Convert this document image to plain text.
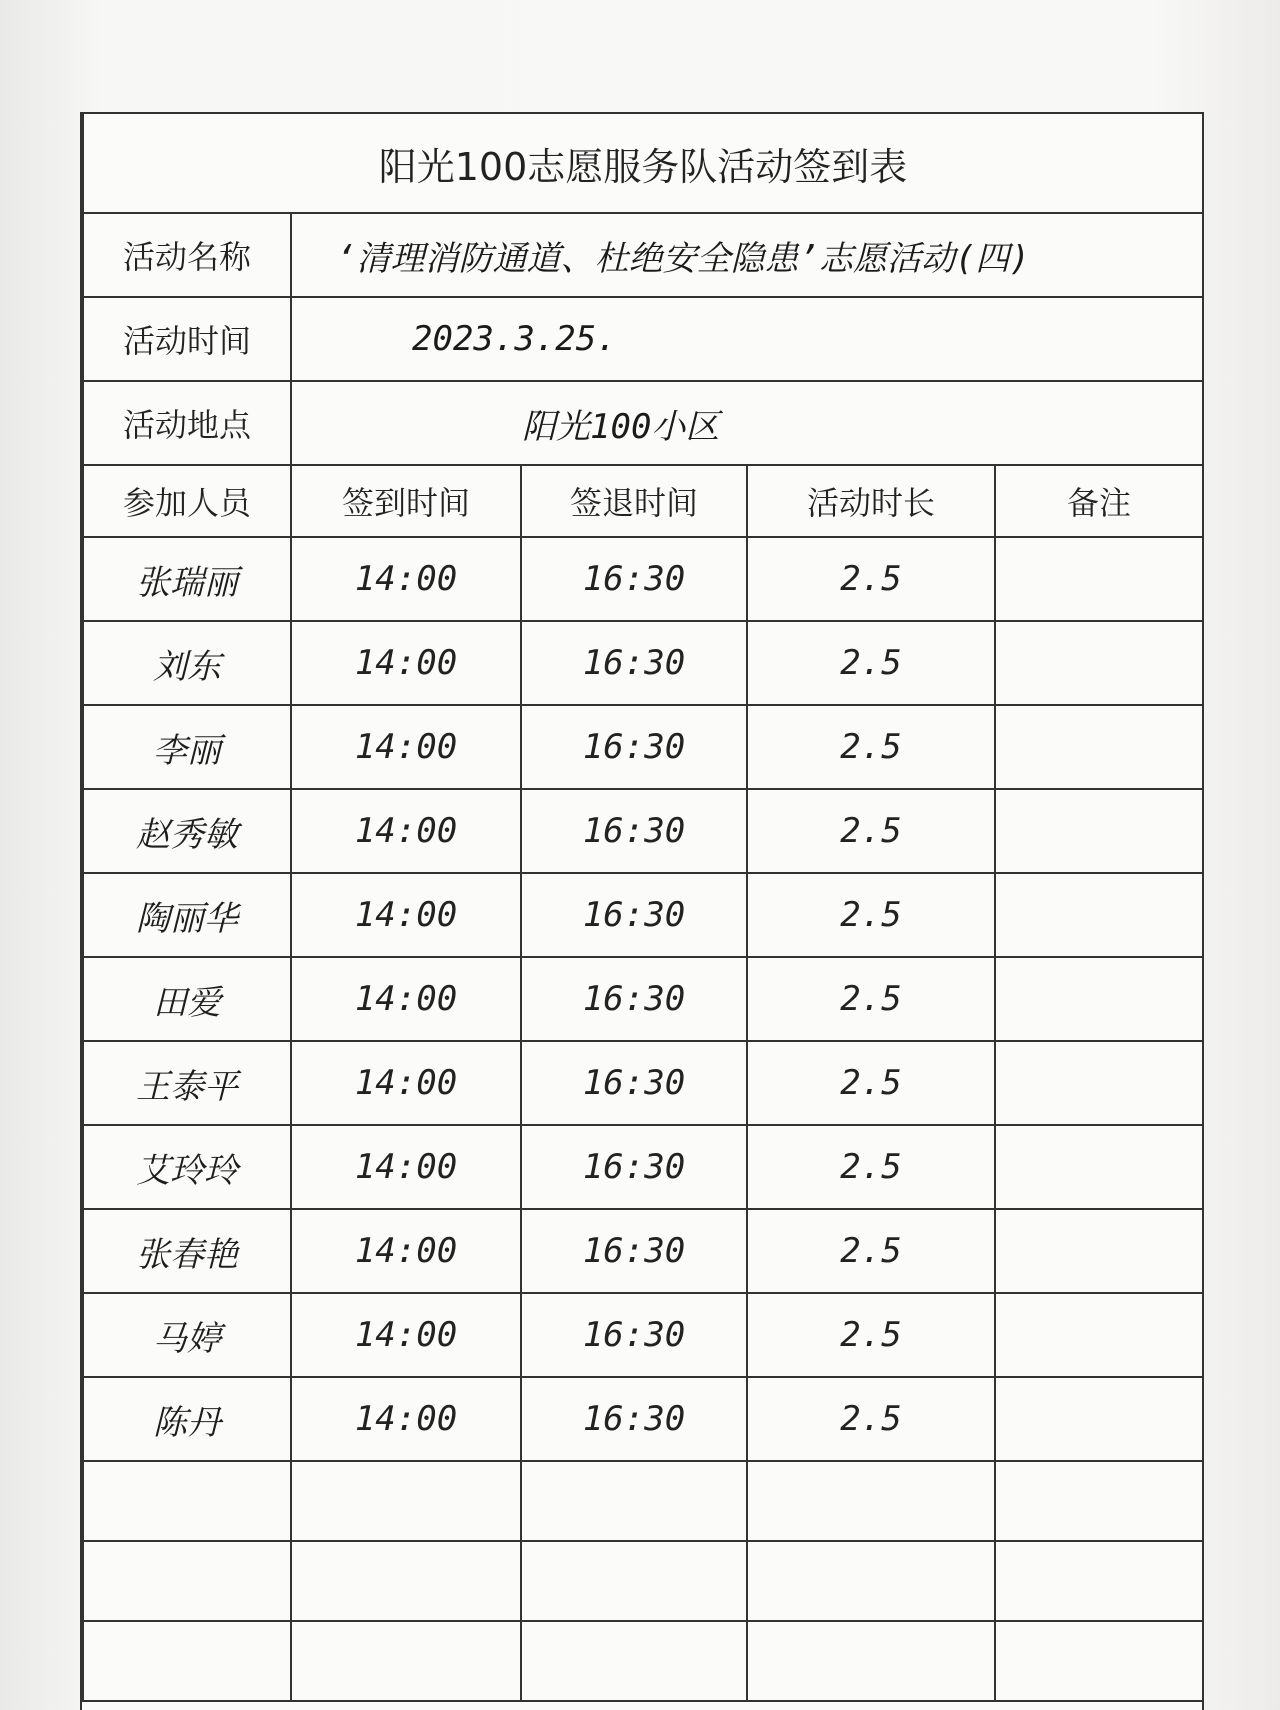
阳光100志愿服务队活动签到表				
活动名称	‘清理消防通道、杜绝安全隐患’志愿活动(四)			
活动时间	2023.3.25.			
活动地点	阳光100小区			
参加人员	签到时间	签退时间	活动时长	备注
张瑞丽	14:00	16:30	2.5	
刘东	14:00	16:30	2.5	
李丽	14:00	16:30	2.5	
赵秀敏	14:00	16:30	2.5	
陶丽华	14:00	16:30	2.5	
田爱	14:00	16:30	2.5	
王泰平	14:00	16:30	2.5	
艾玲玲	14:00	16:30	2.5	
张春艳	14:00	16:30	2.5	
马婷	14:00	16:30	2.5	
陈丹	14:00	16:30	2.5	
